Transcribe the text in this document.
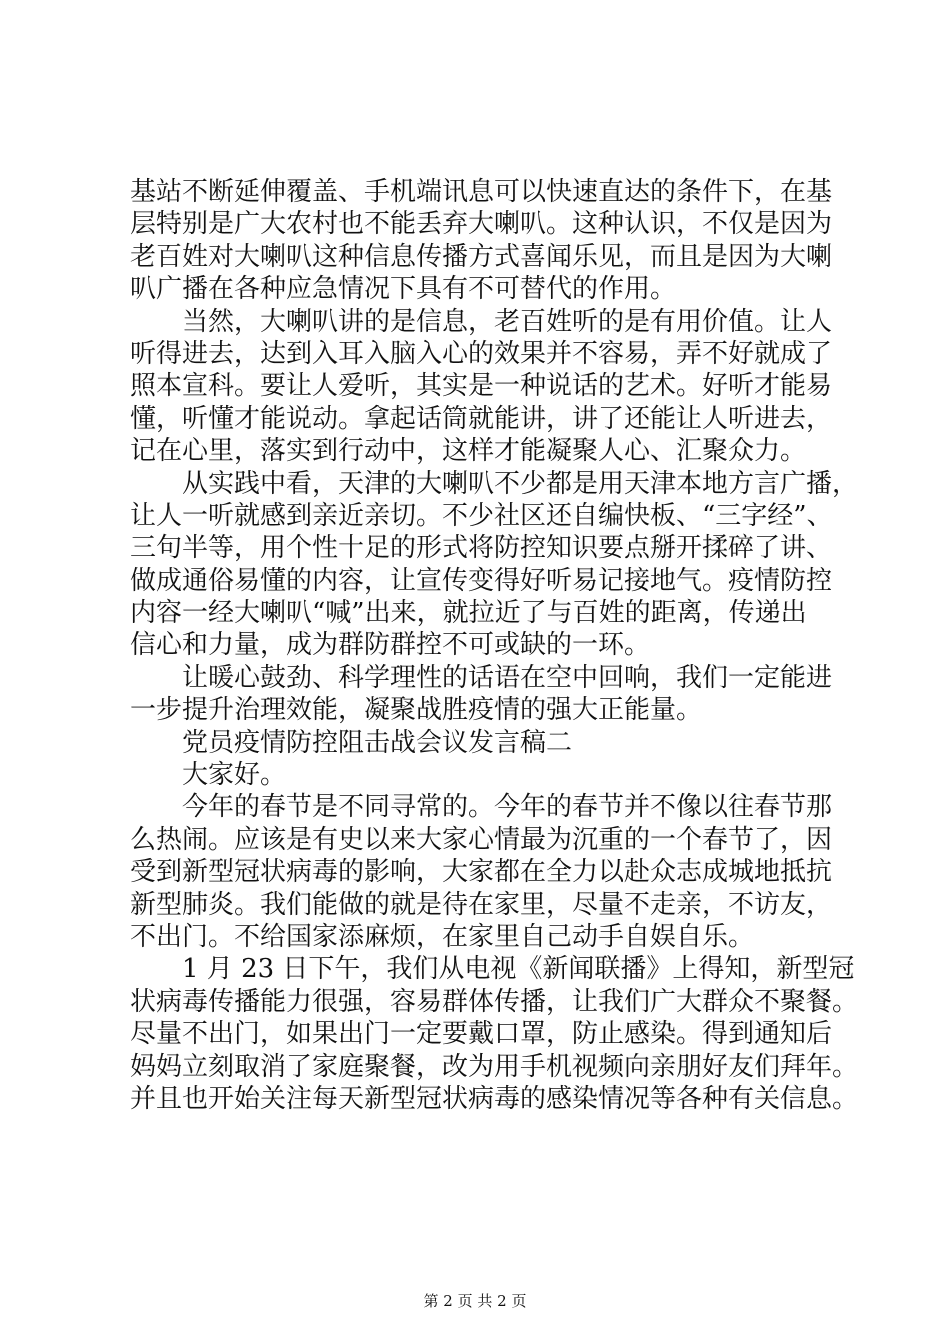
基站不断延伸覆盖、手机端讯息可以快速直达的条件下，在基
层特别是广大农村也不能丢弃大喇叭。这种认识，不仅是因为
老百姓对大喇叭这种信息传播方式喜闻乐见，而且是因为大喇
叭广播在各种应急情况下具有不可替代的作用。
当然，大喇叭讲的是信息，老百姓听的是有用价值。让人
听得进去，达到入耳入脑入心的效果并不容易，弄不好就成了
照本宣科。要让人爱听，其实是一种说话的艺术。好听才能易
懂，听懂才能说动。拿起话筒就能讲，讲了还能让人听进去，
记在心里，落实到行动中，这样才能凝聚人心、汇聚众力。
从实践中看，天津的大喇叭不少都是用天津本地方言广播，
让人一听就感到亲近亲切。不少社区还自编快板、“三字经”、
三句半等，用个性十足的形式将防控知识要点掰开揉碎了讲、
做成通俗易懂的内容，让宣传变得好听易记接地气。疫情防控
内容一经大喇叭“喊”出来，就拉近了与百姓的距离，传递出
信心和力量，成为群防群控不可或缺的一环。
让暖心鼓劲、科学理性的话语在空中回响，我们一定能进
一步提升治理效能，凝聚战胜疫情的强大正能量。
党员疫情防控阻击战会议发言稿二
大家好。
今年的春节是不同寻常的。今年的春节并不像以往春节那
么热闹。应该是有史以来大家心情最为沉重的一个春节了，因
受到新型冠状病毒的影响，大家都在全力以赴众志成城地抵抗
新型肺炎。我们能做的就是待在家里，尽量不走亲，不访友，
不出门。不给国家添麻烦，在家里自己动手自娱自乐。
1 月 23 日下午，我们从电视《新闻联播》上得知，新型冠
状病毒传播能力很强，容易群体传播，让我们广大群众不聚餐。
尽量不出门，如果出门一定要戴口罩，防止感染。得到通知后
妈妈立刻取消了家庭聚餐，改为用手机视频向亲朋好友们拜年。
并且也开始关注每天新型冠状病毒的感染情况等各种有关信息。
第 2 页 共 2 页
